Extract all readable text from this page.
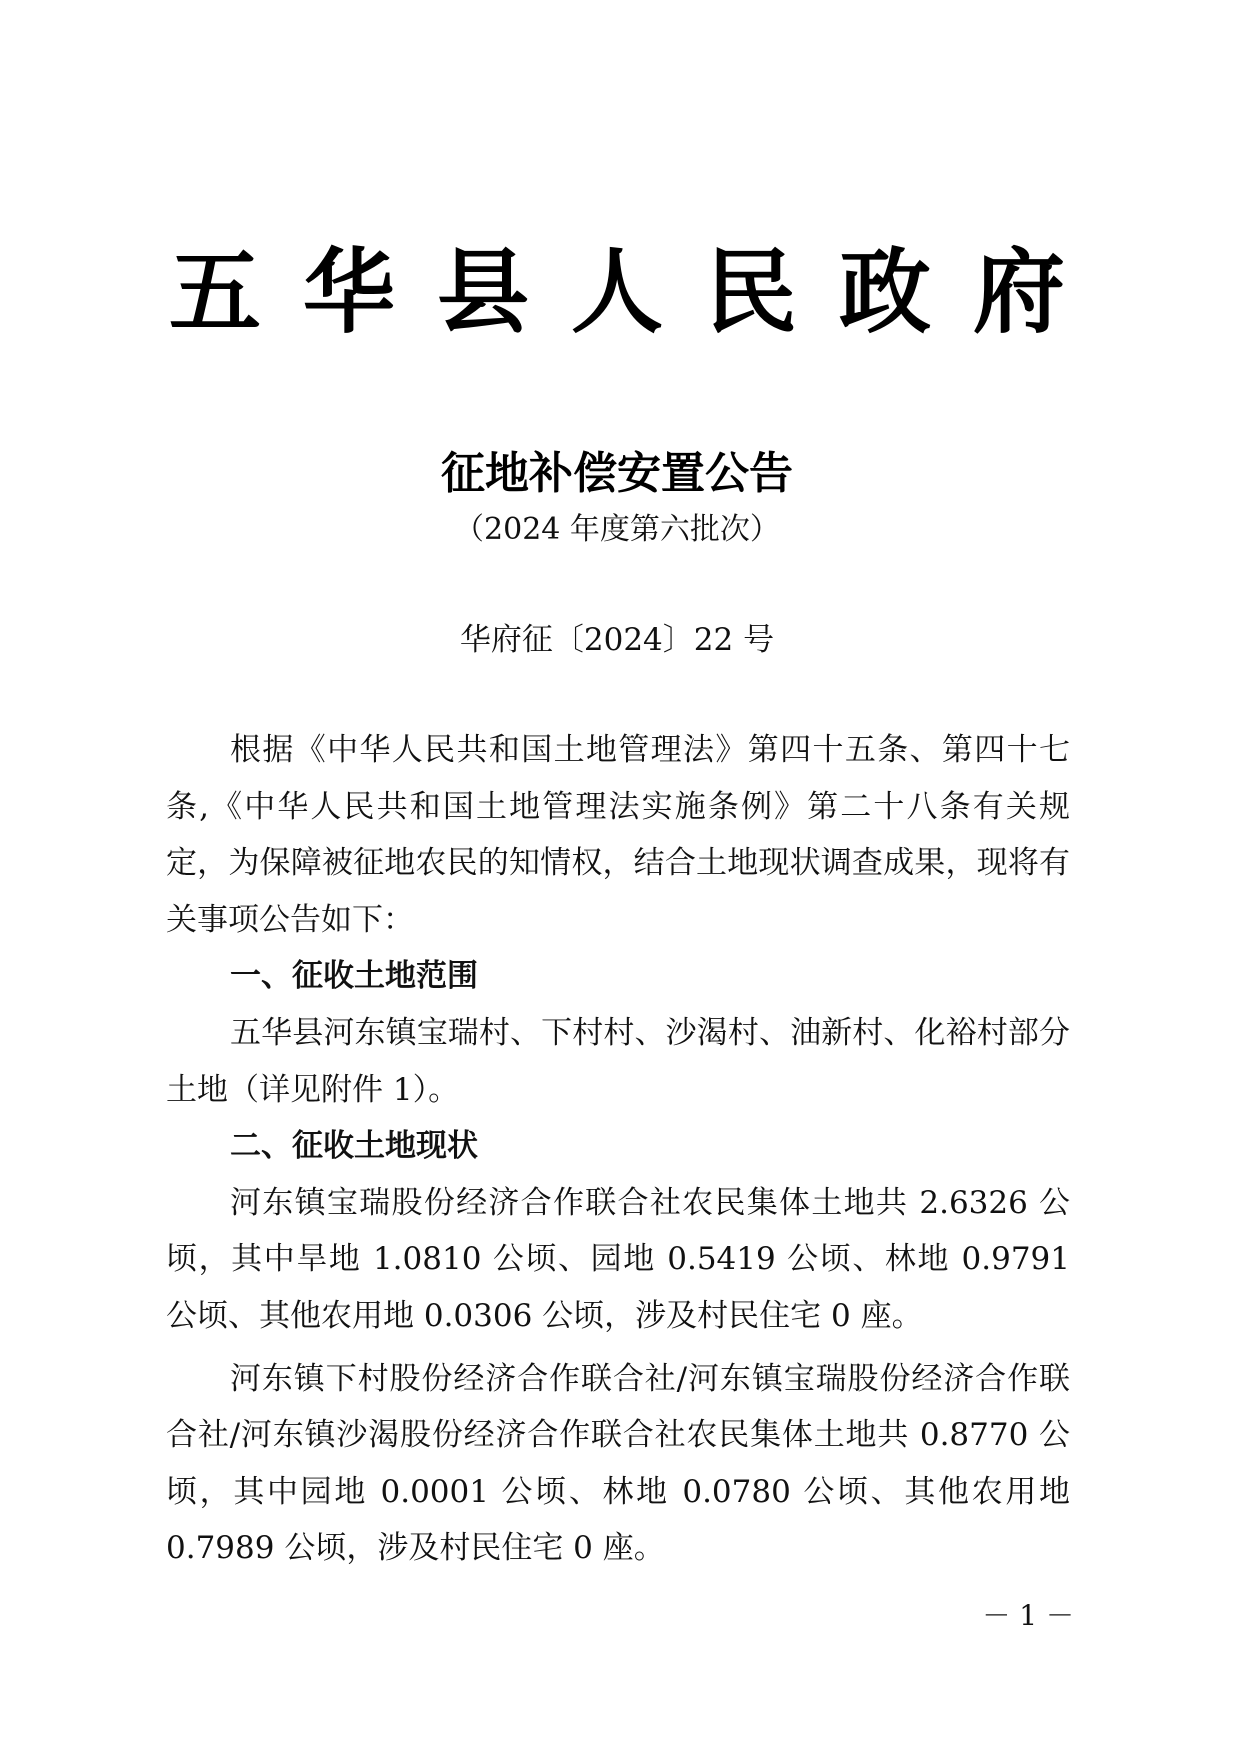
五华县人民政府
征地补偿安置公告
（2024 年度第六批次）
华府征〔2024〕22 号

根据《中华人民共和国土地管理法》第四十五条、第四十七条,《中华人民共和国土地管理法实施条例》第二十八条有关规定，为保障被征地农民的知情权，结合土地现状调查成果，现将有关事项公告如下：

一、征收土地范围

五华县河东镇宝瑞村、下村村、沙渴村、油新村、化裕村部分土地（详见附件 1）。

二、征收土地现状

河东镇宝瑞股份经济合作联合社农民集体土地共 2.6326 公顷，其中旱地 1.0810 公顷、园地 0.5419 公顷、林地 0.9791 公顷、其他农用地 0.0306 公顷，涉及村民住宅 0 座。

河东镇下村股份经济合作联合社/河东镇宝瑞股份经济合作联合社/河东镇沙渴股份经济合作联合社农民集体土地共 0.8770 公顷，其中园地 0.0001 公顷、林地 0.0780 公顷、其他农用地 0.7989 公顷，涉及村民住宅 0 座。

－ 1 －
